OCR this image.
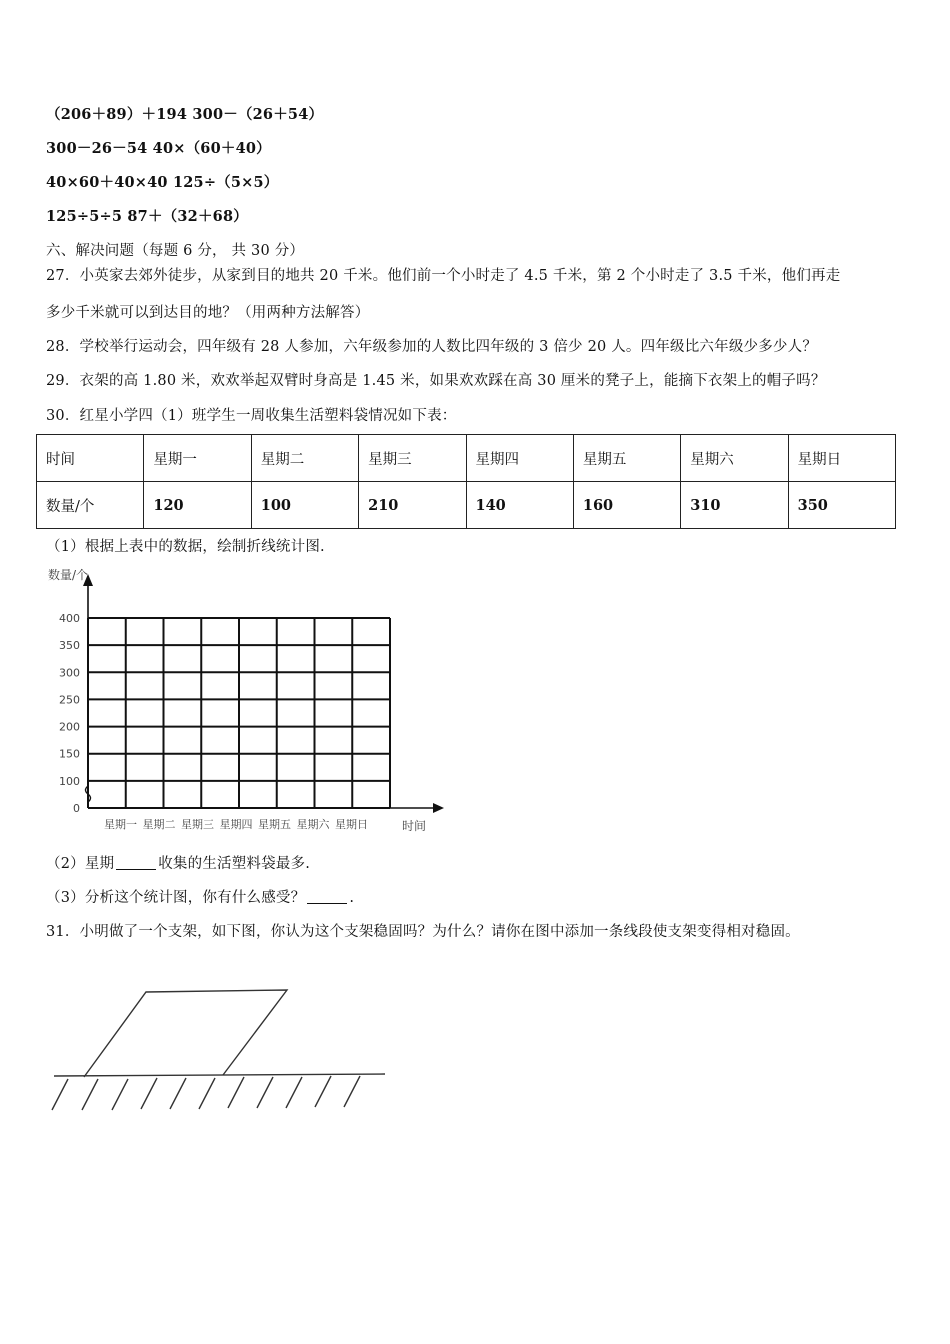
（206＋89）＋194 300－（26＋54）
300－26－54 40×（60＋40）
40×60＋40×40 125÷（5×5）
125÷5÷5 87＋（32＋68）
六、解决问题（每题 6 分， 共 30 分）
27．小英家去郊外徒步，从家到目的地共 20 千米。他们前一个小时走了 4.5 千米，第 2 个小时走了 3.5 千米，他们再走
多少千米就可以到达目的地？（用两种方法解答）
28．学校举行运动会，四年级有 28 人参加，六年级参加的人数比四年级的 3 倍少 20 人。四年级比六年级少多少人？
29．衣架的高 1.80 米，欢欢举起双臂时身高是 1.45 米，如果欢欢踩在高 30 厘米的凳子上，能摘下衣架上的帽子吗？
30．红星小学四（1）班学生一周收集生活塑料袋情况如下表：
时间	星期一	星期二	星期三	星期四	星期五	星期六	星期日
数量/个	120	100	210	140	160	310	350
（1）根据上表中的数据，绘制折线统计图.
400
350
300
250
200
150
100
0
数量/个
星期一 星期二 星期三 星期四 星期五 星期六 星期日	时间
（2）星期	收集的生活塑料袋最多.
（3）分析这个统计图，你有什么感受？	.
31．小明做了一个支架，如下图，你认为这个支架稳固吗？为什么？请你在图中添加一条线段使支架变得相对稳固。
